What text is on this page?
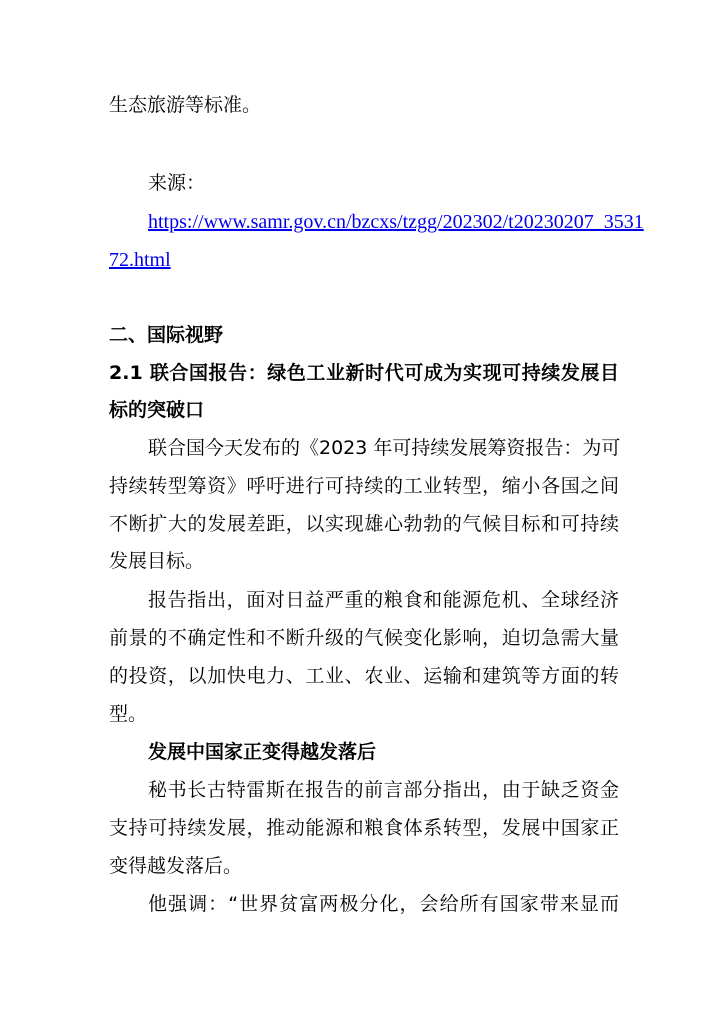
生态旅游等标准。
来源：
https://www.samr.gov.cn/bzcxs/tzgg/202302/t20230207_3531
72.html
二、国际视野
2.1 联合国报告：绿色工业新时代可成为实现可持续发展目
标的突破口
联合国今天发布的《2023 年可持续发展筹资报告：为可
持续转型筹资》呼吁进行可持续的工业转型，缩小各国之间
不断扩大的发展差距，以实现雄心勃勃的气候目标和可持续
发展目标。
报告指出，面对日益严重的粮食和能源危机、全球经济
前景的不确定性和不断升级的气候变化影响，迫切急需大量
的投资，以加快电力、工业、农业、运输和建筑等方面的转
型。
发展中国家正变得越发落后
秘书长古特雷斯在报告的前言部分指出，由于缺乏资金
支持可持续发展，推动能源和粮食体系转型，发展中国家正
变得越发落后。
他强调：“世界贫富两极分化，会给所有国家带来显而
